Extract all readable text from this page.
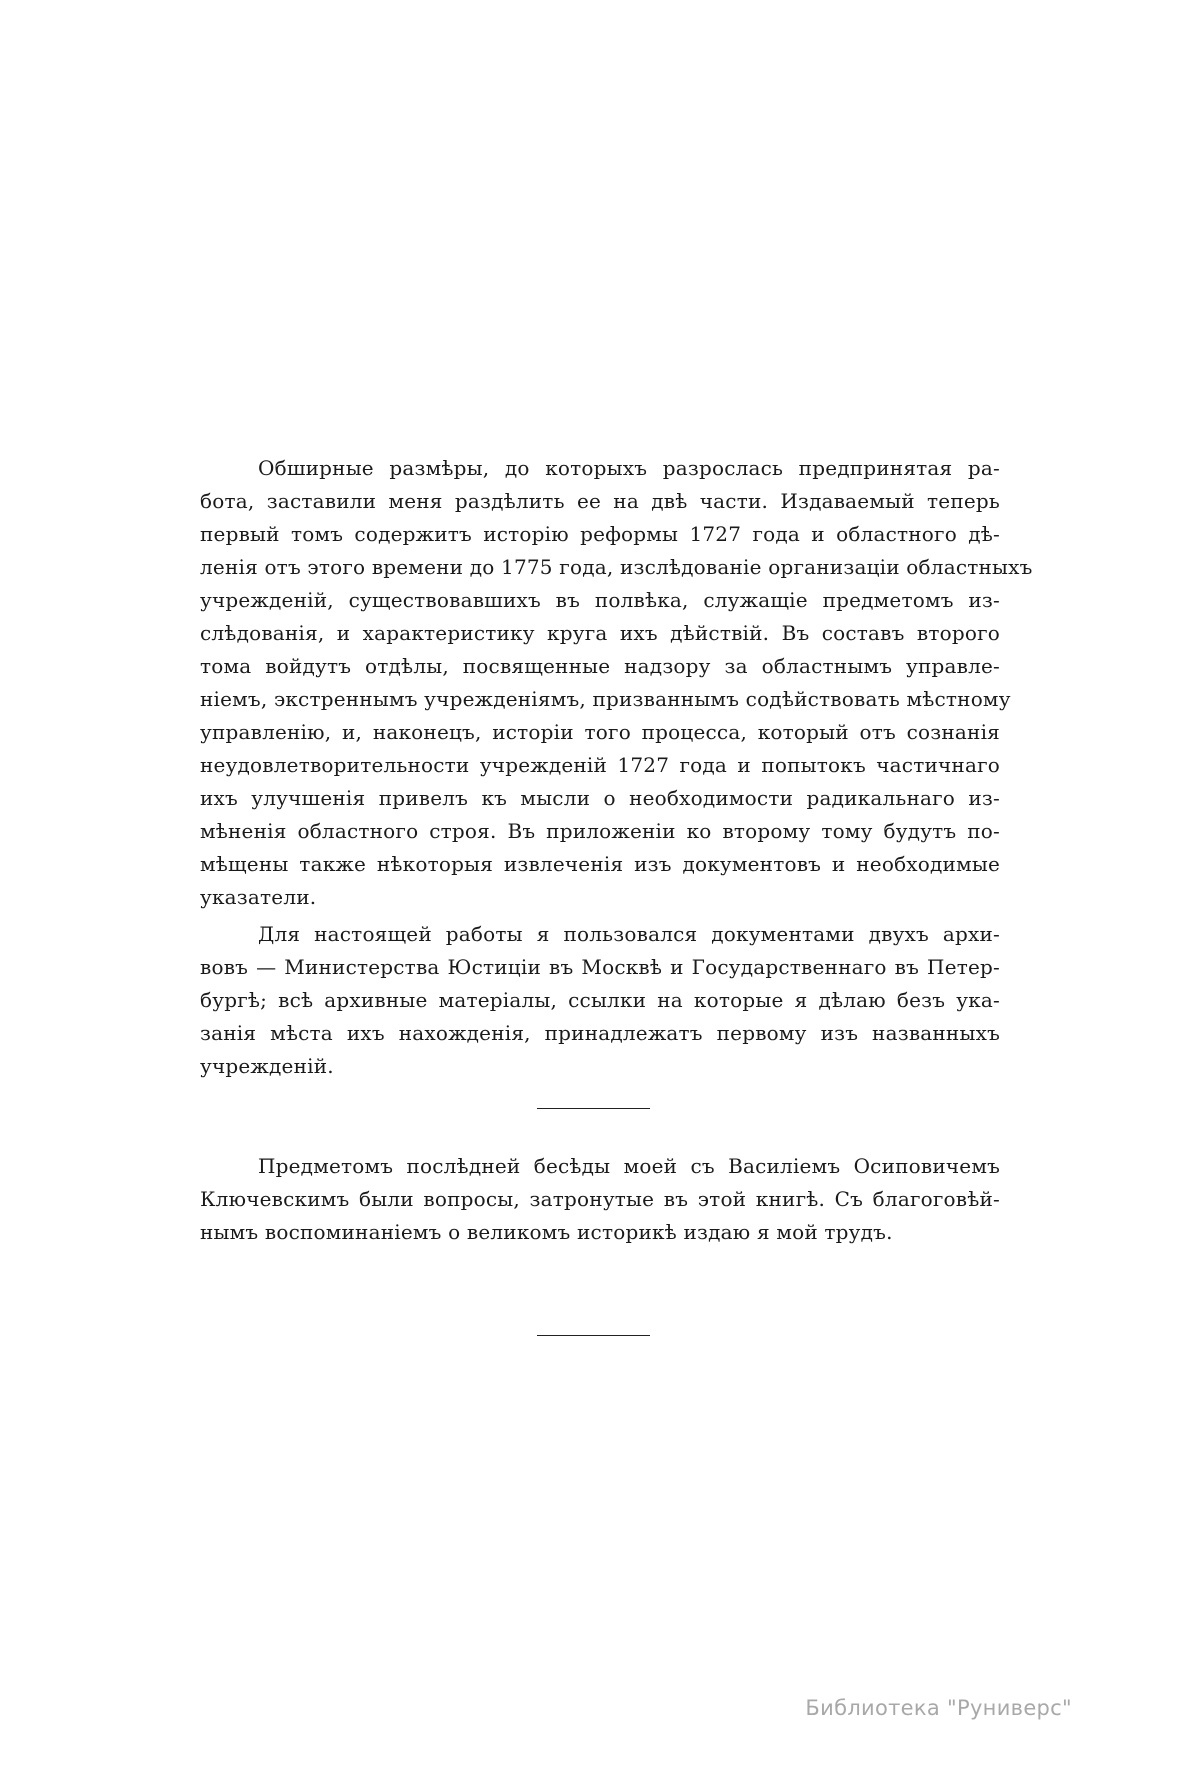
Обширные размѣры, до которыхъ разрослась предпринятая ра-
бота, заставили меня раздѣлить ее на двѣ части. Издаваемый теперь
первый томъ содержитъ исторію реформы 1727 года и областного дѣ-
ленія отъ этого времени до 1775 года, изслѣдованіе организаціи областныхъ
учрежденій, существовавшихъ въ полвѣка, служащіе предметомъ из-
слѣдованія, и характеристику круга ихъ дѣйствій. Въ составъ второго
тома войдутъ отдѣлы, посвященные надзору за областнымъ управле-
ніемъ, экстреннымъ учрежденіямъ, призваннымъ содѣйствовать мѣстному
управленію, и, наконецъ, исторіи того процесса, который отъ сознанія
неудовлетворительности учрежденій 1727 года и попытокъ частичнаго
ихъ улучшенія привелъ къ мысли о необходимости радикальнаго из-
мѣненія областного строя. Въ приложеніи ко второму тому будутъ по-
мѣщены также нѣкоторыя извлеченія изъ документовъ и необходимые
указатели.
Для настоящей работы я пользовался документами двухъ архи-
вовъ — Министерства Юстиціи въ Москвѣ и Государственнаго въ Петер-
бургѣ; всѣ архивные матеріалы, ссылки на которые я дѣлаю безъ ука-
занія мѣста ихъ нахожденія, принадлежатъ первому изъ названныхъ
учрежденій.
Предметомъ послѣдней бесѣды моей съ Василіемъ Осиповичемъ
Ключевскимъ были вопросы, затронутые въ этой книгѣ. Съ благоговѣй-
нымъ воспоминаніемъ о великомъ историкѣ издаю я мой трудъ.
Библиотека "Руниверс"
